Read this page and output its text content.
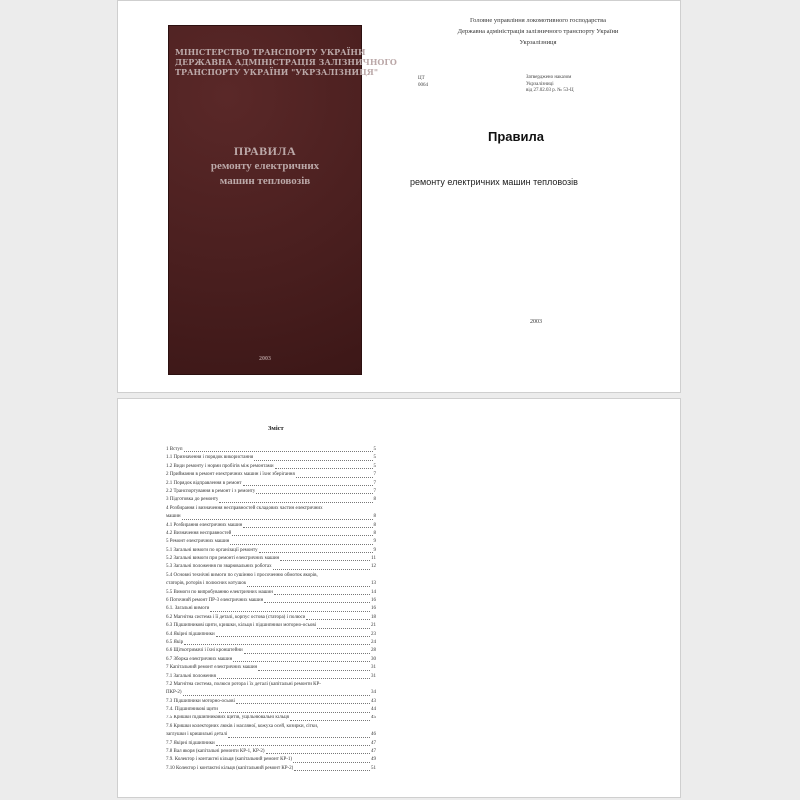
МІНІСТЕРСТВО ТРАНСПОРТУ УКРАЇНИ
ДЕРЖАВНА АДМІНІСТРАЦІЯ ЗАЛІЗНИЧНОГО
ТРАНСПОРТУ УКРАЇНИ "УКРЗАЛІЗНИЦЯ"
ПРАВИЛА
ремонту електричних
машин тепловозів
2003
Головне управління локомотивного господарства
Державна адміністрація залізничного транспорту України
Укрзалізниця
ЦТ
0064
Затверджено наказом
Укрзалізниці
від 27.02.03 р. № 53-Ц
Правила
ремонту електричних машин тепловозів
2003
Зміст
1 Вступ	5
1.1 Призначення і порядок використання	5
1.2 Види ремонту і норми пробігів між ремонтами	5
2 Приймання в ремонт електричних машин і їхнє зберігання	7
2.1 Порядок відправлення в ремонт	7
2.2 Транспортування в ремонт і з ремонту	7
3 Підготовка до ремонту	8
4 Розбирання і визначення несправностей складових частин електричних
машин	8
4.1 Розбирання електричних машин	8
4.2 Визначення несправностей	8
5 Ремонт електричних машин	9
5.1 Загальні вимоги по організації ремонту	9
5.2 Загальні вимоги при ремонті електричних машин	11
5.3 Загальні положення по зварювальних роботах	12
5.4 Основні технічні вимоги по сушінню і просоченню обмоток якорів,
статорів, роторів і полюсних котушок	13
5.5 Вимоги по випробуванню електричних машин	14
6 Поточний ремонт ПР-3 електричних машин	16
6.1. Загальні вимоги	16
6.2 Магнітна система і її деталі, корпус остова (статора) і полюси	18
6.3 Підшипникові щити, кришки, кільця і підшипники моторно-осьові	21
6.4 Якірні підшипники	23
6.5 Якір	24
6.6 Щіткотримачі і їхні кронштейни	28
6.7 Зборка електричних машин	30
7 Капітальний ремонт електричних машин	31
7.1 Загальні положення	31
7.2 Магнітна система, полюси ротора і їх деталі (капітальні ремонти КР-
ПКР-2)	34
7.3 Підшипники моторно-осьові	43
7.4. Підшипникові щити	44
7.5 Кришки підшипникових щитів, ущільнювальні кільця	45
7.6 Кришки колекторних люків і масляної, кожуха осей, козирки, сітки,
заглушки і кришильні деталі	46
7.7 Якірні підшипники	47
7.8 Вал якоря (капітальні ремонти КР-1, КР-2)	47
7.9. Колектор і контактні кільця (капітальний ремонт КР-1)	49
7.10 Колектор і контактні кільця (капітальний ремонт КР-2)	51
